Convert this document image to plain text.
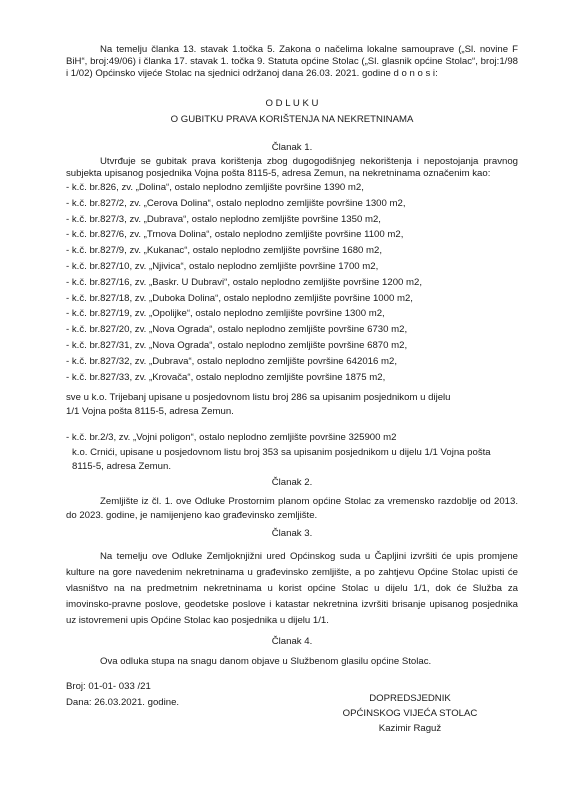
Na temelju članka 13. stavak 1.točka 5. Zakona o načelima lokalne samouprave („Sl. novine F BiH“, broj:49/06) i članka 17. stavak 1. točka 9. Statuta općine Stolac („Sl. glasnik općine Stolac“, broj:1/98 i 1/02) Općinsko vijeće Stolac na sjednici održanoj dana 26.03. 2021. godine d o n o s i:

O D L U K U

O GUBITKU PRAVA KORIŠTENJA NA NEKRETNINAMA

Članak 1.

Utvrđuje se gubitak prava korištenja zbog dugogodišnjeg nekorištenja i nepostojanja pravnog subjekta upisanog posjednika Vojna pošta 8115-5, adresa Zemun, na nekretninama označenim kao:

- k.č. br.826, zv. „Dolina“, ostalo neplodno zemljište površine 1390 m2,
- k.č. br.827/2, zv. „Cerova Dolina“, ostalo neplodno zemljište površine 1300 m2,
- k.č. br.827/3, zv. „Dubrava“, ostalo neplodno zemljište površine 1350 m2,
- k.č. br.827/6, zv. „Trnova Dolina“, ostalo neplodno zemljište površine 1100 m2,
- k.č. br.827/9, zv. „Kukanac“, ostalo neplodno zemljište površine 1680 m2,
- k.č. br.827/10, zv. „Njivica“, ostalo neplodno zemljište površine 1700 m2,
- k.č. br.827/16, zv. „Baskr. U Dubravi“, ostalo neplodno zemljište površine 1200 m2,
- k.č. br.827/18, zv. „Duboka Dolina“, ostalo neplodno zemljište površine 1000 m2,
- k.č. br.827/19, zv. „Opolijke“, ostalo neplodno zemljište površine 1300 m2,
- k.č. br.827/20, zv. „Nova Ograda“, ostalo neplodno zemljište površine 6730 m2,
- k.č. br.827/31, zv. „Nova Ograda“, ostalo neplodno zemljište površine 6870 m2,
- k.č. br.827/32, zv. „Dubrava“, ostalo neplodno zemljište površine 642016 m2,
- k.č. br.827/33, zv. „Krovača“, ostalo neplodno zemljište površine 1875 m2,

sve u k.o. Trijebanj upisane u posjedovnom listu broj 286 sa upisanim posjednikom u dijelu 1/1 Vojna pošta 8115-5, adresa Zemun.

- k.č. br.2/3, zv. „Vojni poligon“, ostalo neplodno zemljište površine 325900 m2

k.o. Crnići, upisane u posjedovnom listu broj 353 sa upisanim posjednikom u dijelu 1/1 Vojna pošta 8115-5, adresa Zemun.

Članak 2.

Zemljište iz čl. 1. ove Odluke Prostornim planom općine Stolac za vremensko razdoblje od 2013. do 2023. godine, je namijenjeno kao građevinsko zemljište.

Članak 3.

Na temelju ove Odluke Zemljoknjižni ured Općinskog suda u Čapljini izvršiti će upis promjene kulture na gore navedenim nekretninama u građevinsko zemljište, a po zahtjevu Općine Stolac upisti će vlasništvo na na predmetnim nekretninama u korist općine Stolac u dijelu 1/1, dok će Služba za imovinsko-pravne poslove, geodetske poslove i katastar nekretnina izvršiti brisanje upisanog posjednika uz istovremeni upis Općine Stolac kao posjednika u dijelu 1/1.

Članak 4.

Ova odluka stupa na snagu danom objave u Službenom glasilu općine Stolac.

Broj: 01-01- 033 /21
Dana: 26.03.2021. godine.	DOPREDSJEDNIK
OPĆINSKOG VIJEĆA STOLAC
Kazimir Raguž
